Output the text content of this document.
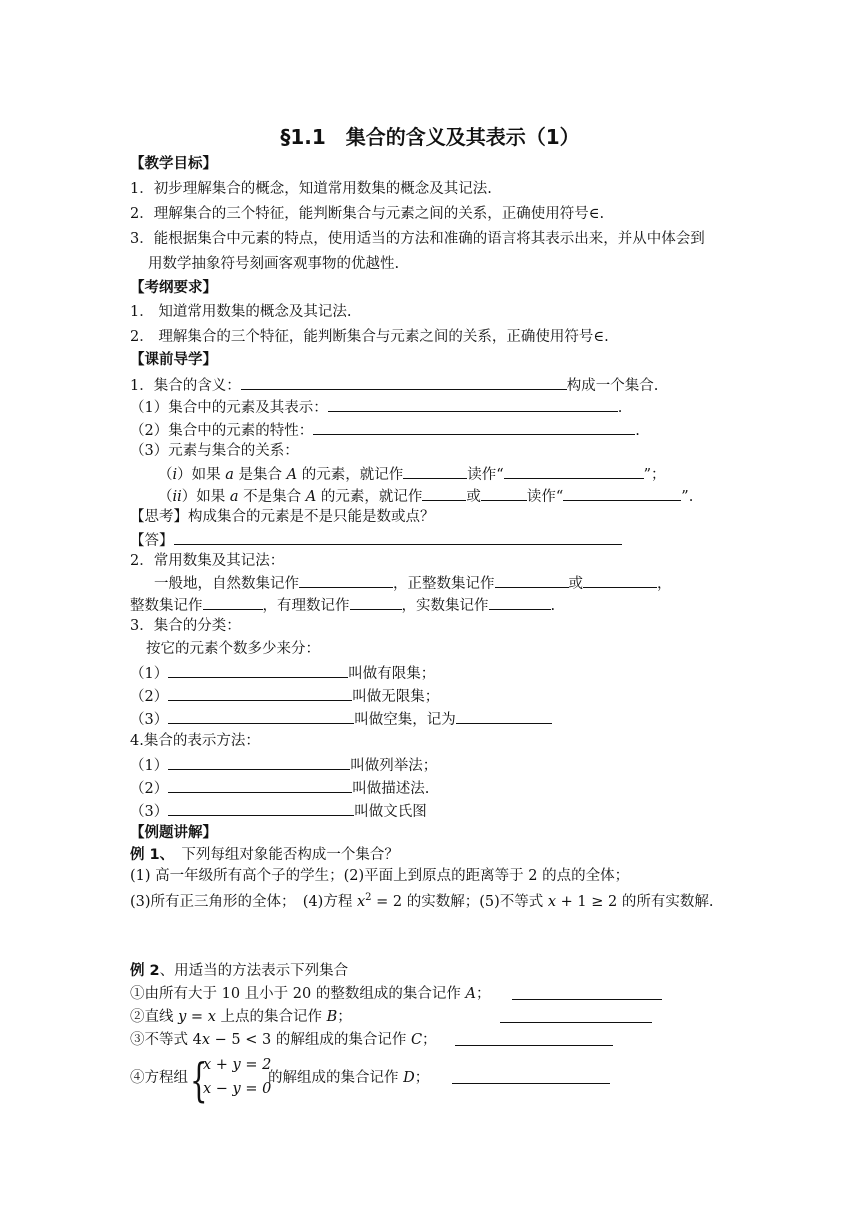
§1.1　集合的含义及其表示（1）
【教学目标】
1．初步理解集合的概念，知道常用数集的概念及其记法.
2．理解集合的三个特征，能判断集合与元素之间的关系，正确使用符号∈.
3．能根据集合中元素的特点，使用适当的方法和准确的语言将其表示出来，并从中体会到
用数学抽象符号刻画客观事物的优越性.
【考纲要求】
1． 知道常用数集的概念及其记法.
2． 理解集合的三个特征，能判断集合与元素之间的关系，正确使用符号∈.
【课前导学】
1．集合的含义：	构成一个集合.
（1）集合中的元素及其表示：	.
（2）集合中的元素的特性：	.
（3）元素与集合的关系：
（i）如果 a 是集合 A 的元素，就记作	读作“	”；
（ii）如果 a 不是集合 A 的元素，就记作	或	读作“	”.
【思考】构成集合的元素是不是只能是数或点？
【答】
2．常用数集及其记法：
一般地，自然数集记作	，正整数集记作	或	，
整数集记作	，有理数记作	，实数集记作	.
3．集合的分类：
按它的元素个数多少来分：
（1）	叫做有限集；
（2）	叫做无限集；
（3）	叫做空集，记为
4.集合的表示方法：
（1）	叫做列举法；
（2）	叫做描述法.
（3）	叫做文氏图
【例题讲解】
例 1、　下列每组对象能否构成一个集合？
(1) 高一年级所有高个子的学生；(2)平面上到原点的距离等于 2 的点的全体；
(3)所有正三角形的全体；　(4)方程 $x^2 = 2$ 的实数解；(5)不等式 x + 1 ≥ 2 的所有实数解.
例 2、用适当的方法表示下列集合
①由所有大于 10 且小于 20 的整数组成的集合记作 A；
②直线 y = x 上点的集合记作 B；
③不等式 4x − 5 < 3 的解组成的集合记作 C；
④方程组 {
x + y = 2
x − y = 0
的解组成的集合记作 D；
